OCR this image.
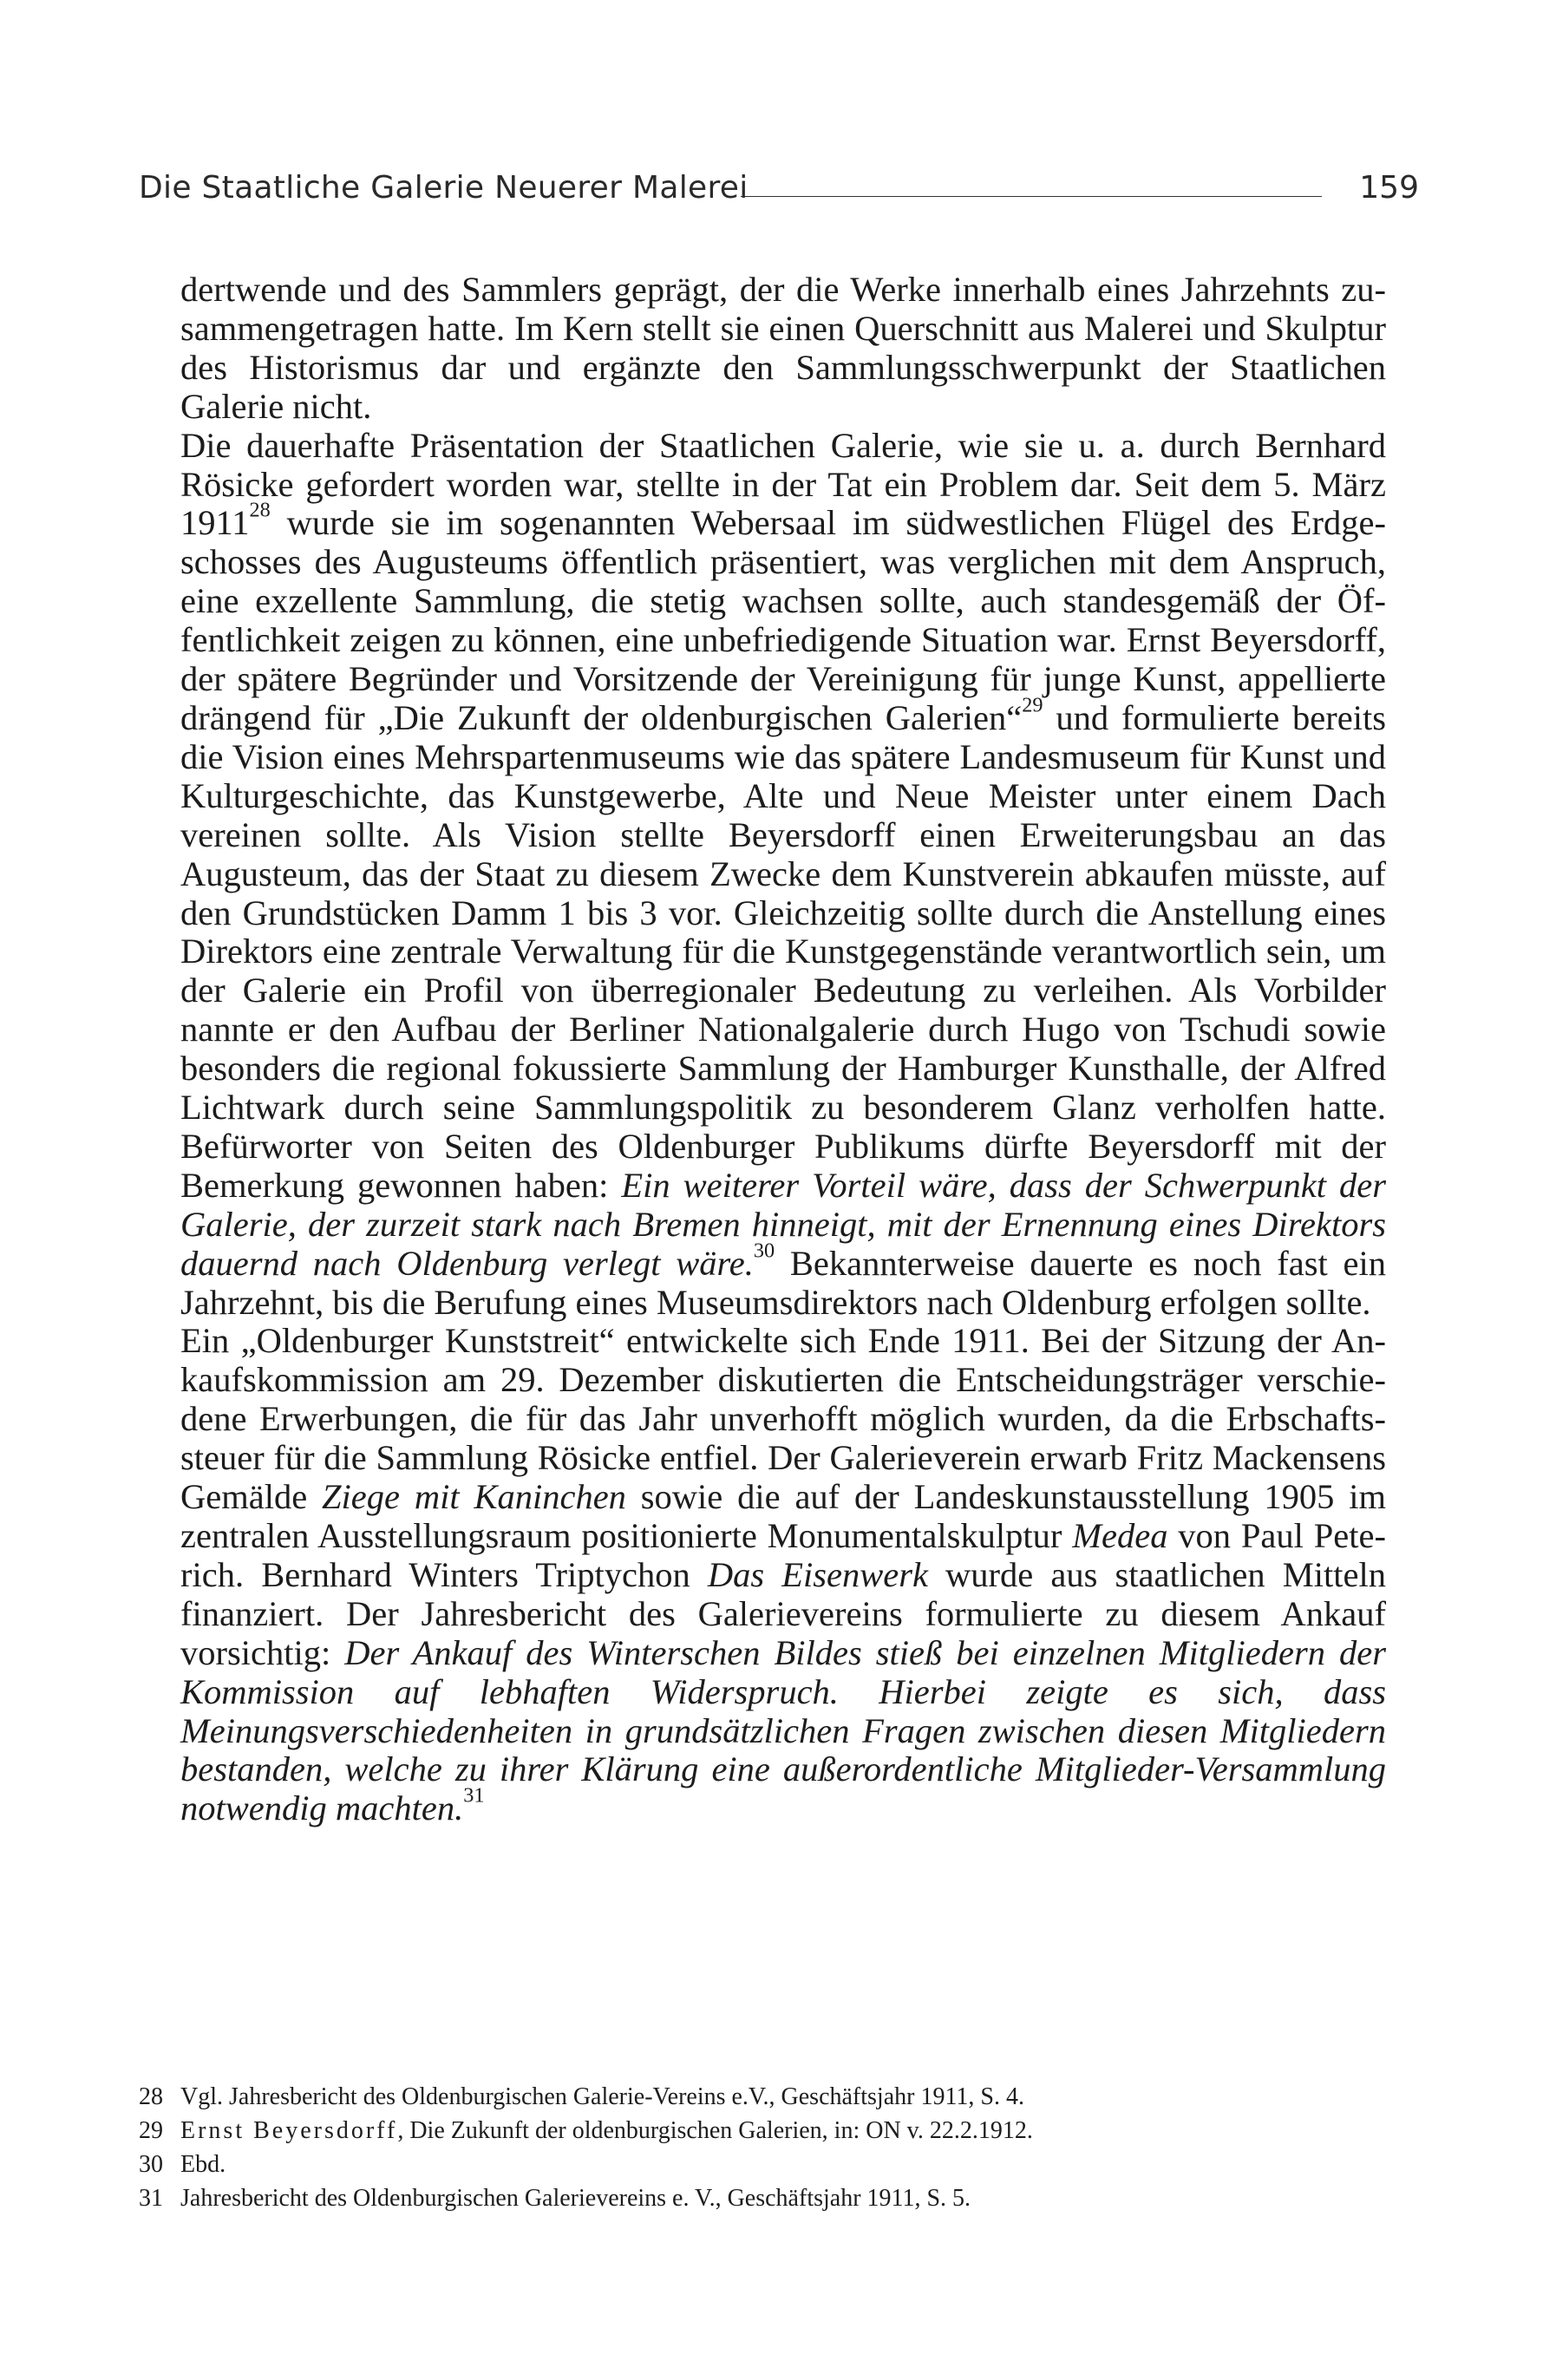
Die Staatliche Galerie Neuerer Malerei	159

dertwende und des Sammlers geprägt, der die Werke innerhalb eines Jahrzehnts zusammengetragen hatte. Im Kern stellt sie einen Querschnitt aus Malerei und Skulptur des Historismus dar und ergänzte den Sammlungsschwerpunkt der Staatlichen Galerie nicht.

Die dauerhafte Präsentation der Staatlichen Galerie, wie sie u. a. durch Bernhard Rösicke gefordert worden war, stellte in der Tat ein Problem dar. Seit dem 5. März 1911$^{28}$ wurde sie im sogenannten Webersaal im südwestlichen Flügel des Erdgeschosses des Augusteums öffentlich präsentiert, was verglichen mit dem Anspruch, eine exzellente Sammlung, die stetig wachsen sollte, auch standesgemäß der Öffentlichkeit zeigen zu können, eine unbefriedigende Situation war. Ernst Beyersdorff, der spätere Begründer und Vorsitzende der Vereinigung für junge Kunst, appellierte drängend für „Die Zukunft der oldenburgischen Galerien“$^{29}$ und formulierte bereits die Vision eines Mehrspartenmuseums wie das spätere Landesmuseum für Kunst und Kulturgeschichte, das Kunstgewerbe, Alte und Neue Meister unter einem Dach vereinen sollte. Als Vision stellte Beyersdorff einen Erweiterungsbau an das Augusteum, das der Staat zu diesem Zwecke dem Kunstverein abkaufen müsste, auf den Grundstücken Damm 1 bis 3 vor. Gleichzeitig sollte durch die Anstellung eines Direktors eine zentrale Verwaltung für die Kunstgegenstände verantwortlich sein, um der Galerie ein Profil von überregionaler Bedeutung zu verleihen. Als Vorbilder nannte er den Aufbau der Berliner Nationalgalerie durch Hugo von Tschudi sowie besonders die regional fokussierte Sammlung der Hamburger Kunsthalle, der Alfred Lichtwark durch seine Sammlungspolitik zu besonderem Glanz verholfen hatte. Befürworter von Seiten des Oldenburger Publikums dürfte Beyersdorff mit der Bemerkung gewonnen haben: Ein weiterer Vorteil wäre, dass der Schwerpunkt der Galerie, der zurzeit stark nach Bremen hinneigt, mit der Ernennung eines Direktors dauernd nach Oldenburg verlegt wäre.$^{30}$ Bekannterweise dauerte es noch fast ein Jahrzehnt, bis die Berufung eines Museumsdirektors nach Oldenburg erfolgen sollte.

Ein „Oldenburger Kunststreit“ entwickelte sich Ende 1911. Bei der Sitzung der Ankaufskommission am 29. Dezember diskutierten die Entscheidungsträger verschiedene Erwerbungen, die für das Jahr unverhofft möglich wurden, da die Erbschaftssteuer für die Sammlung Rösicke entfiel. Der Galerieverein erwarb Fritz Mackensens Gemälde Ziege mit Kaninchen sowie die auf der Landeskunstausstellung 1905 im zentralen Ausstellungsraum positionierte Monumentalskulptur Medea von Paul Peterich. Bernhard Winters Triptychon Das Eisenwerk wurde aus staatlichen Mitteln finanziert. Der Jahresbericht des Galerievereins formulierte zu diesem Ankauf vorsichtig: Der Ankauf des Winterschen Bildes stieß bei einzelnen Mitgliedern der Kommission auf lebhaften Widerspruch. Hierbei zeigte es sich, dass Meinungsverschiedenheiten in grundsätzlichen Fragen zwischen diesen Mitgliedern bestanden, welche zu ihrer Klärung eine außerordentliche Mitglieder-Versammlung notwendig machten.$^{31}$

28 Vgl. Jahresbericht des Oldenburgischen Galerie-Vereins e.V., Geschäftsjahr 1911, S. 4.
29 Ernst Beyersdorff, Die Zukunft der oldenburgischen Galerien, in: ON v. 22.2.1912.
30 Ebd.
31 Jahresbericht des Oldenburgischen Galerievereins e. V., Geschäftsjahr 1911, S. 5.
